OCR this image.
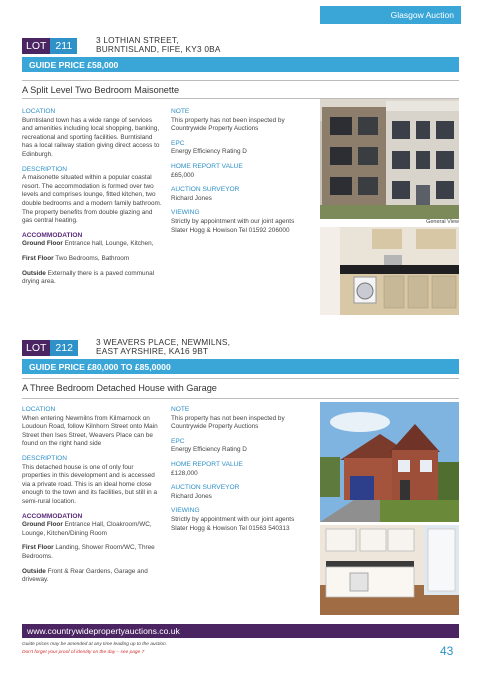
Glasgow Auction
LOT 211	3 LOTHIAN STREET,
BURNTISLAND, FIFE, KY3 0BA
GUIDE PRICE £58,000
A Split Level Two Bedroom Maisonette
LOCATION

Burntisland town has a wide range of services and amenities including local shopping, banking, recreational and sporting facilities. Burntisland has a local railway station giving direct access to Edinburgh.

DESCRIPTION

A maisonette situated within a popular coastal resort. The accommodation is formed over two levels and comprises lounge, fitted kitchen, two double bedrooms and a modern family bathroom. The property benefits from double glazing and gas central heating.

ACCOMMODATION

Ground Floor Entrance hall, Lounge, Kitchen,

First Floor Two Bedrooms, Bathroom

Outside Externally there is a paved communal drying area.

NOTE

This property has not been inspected by Countrywide Property Auctions

EPC

Energy Efficiency Rating D

HOME REPORT VALUE

£65,000

AUCTION SURVEYOR

Richard Jones

VIEWING
Strictly by appointment with our joint agents
Slater Hogg & Howison Tel 01592 206000
General View
LOT 212	3 WEAVERS PLACE, NEWMILNS,
EAST AYRSHIRE, KA16 9BT
GUIDE PRICE £80,000 TO £85,0000
A Three Bedroom Detached House with Garage
LOCATION

When entering Newmilns from Kilmarnock on Loudoun Road, follow Kilnhorn Street onto Main Street then Ises Street, Weavers Place can be found on the right hand side

DESCRIPTION

This detached house is one of only four properties in this development and is accessed via a private road. This is an ideal home close enough to the town and its facilities, but still in a semi-rural location.

ACCOMMODATION

Ground Floor Entrance Hall, Cloakroom/WC, Lounge, Kitchen/Dining Room

First Floor Landing, Shower Room/WC, Three Bedrooms.

Outside Front & Rear Gardens, Garage and driveway.

NOTE

This property has not been inspected by Countrywide Property Auctions

EPC

Energy Efficiency Rating D

HOME REPORT VALUE

£128,000

AUCTION SURVEYOR

Richard Jones

VIEWING
Strictly by appointment with our joint agents
Slater Hogg & Howison Tel 01563 540313
www.countrywidepropertyauctions.co.uk
Guide prices may be amended at any time leading up to the auction.
Don't forget your proof of identity on the day – see page 7	43
